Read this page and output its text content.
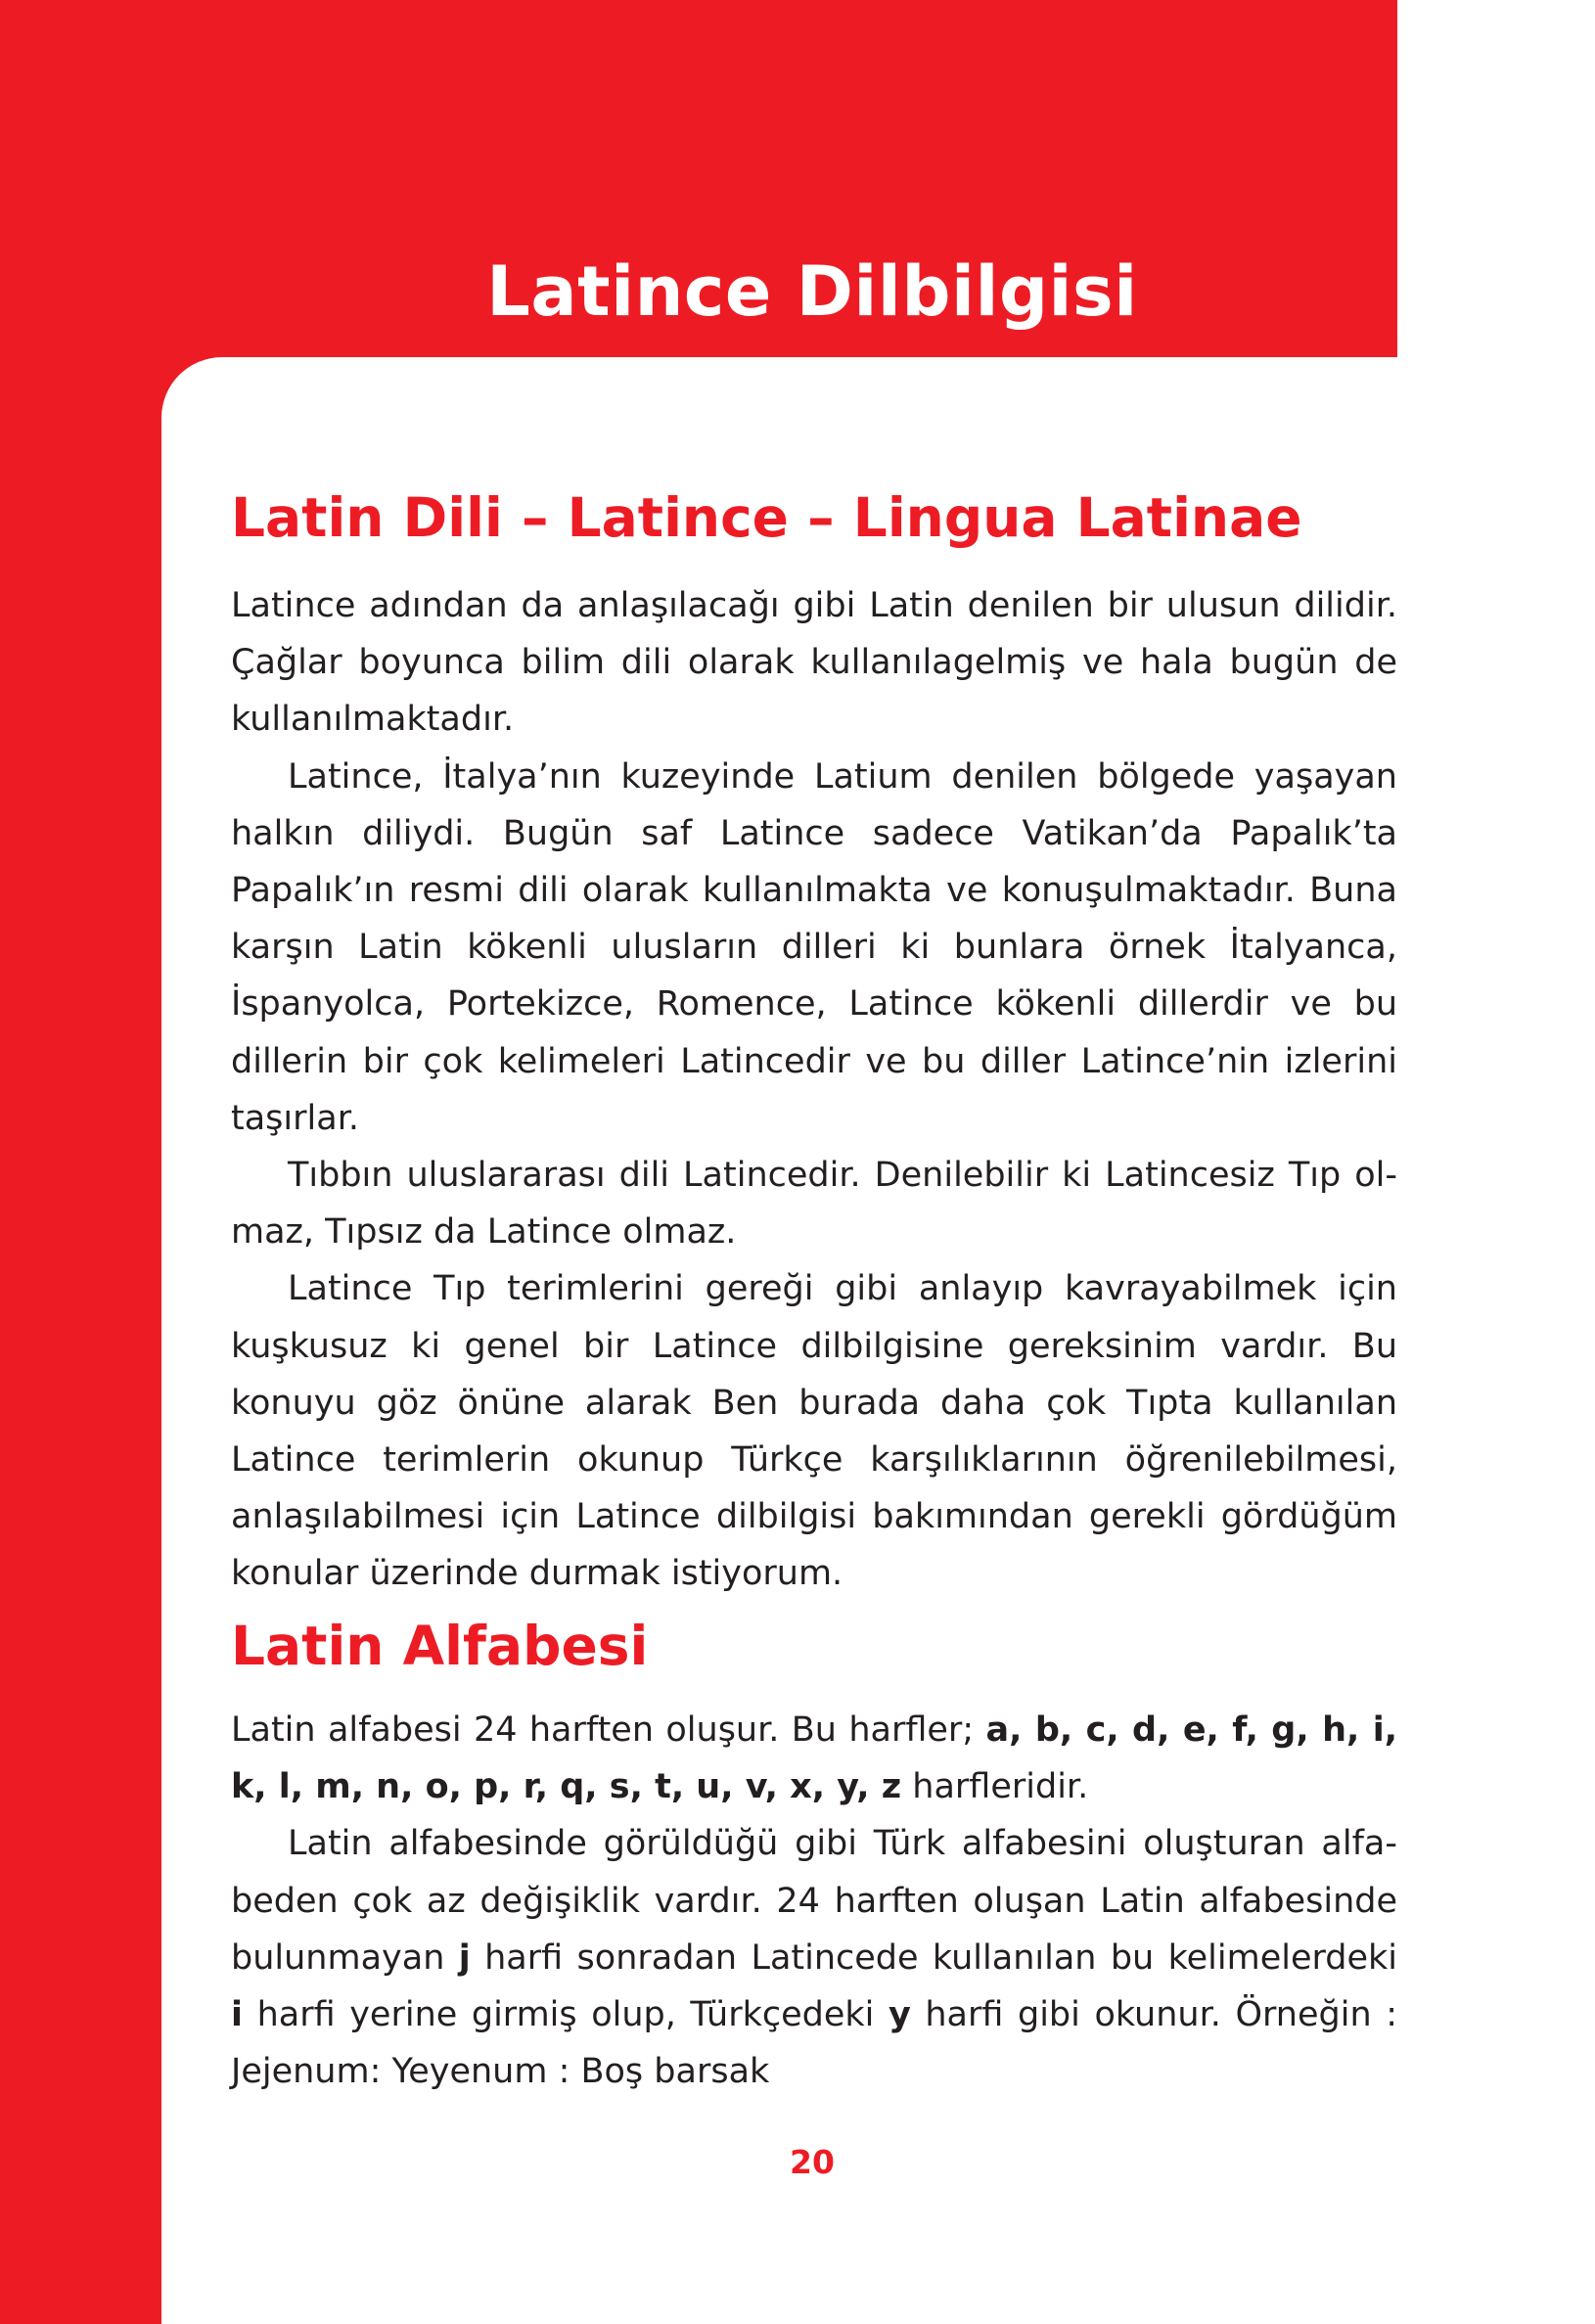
Latince Dilbilgisi
Latin Dili – Latince – Lingua Latinae

Latince adından da anlaşılacağı gibi Latin denilen bir ulusun dilidir. Çağlar boyunca bilim dili olarak kullanılagelmiş ve hala bugün de kullanılmaktadır.

Latince, İtalya’nın kuzeyinde Latium denilen bölgede yaşayan halkın diliydi. Bugün saf Latince sadece Vatikan’da Papalık’ta Papalık’ın resmi dili olarak kullanılmakta ve konuşulmaktadır. Buna karşın Latin kökenli ulusların dilleri ki bunlara örnek İtalyanca, İspanyolca, Portekizce, Romence, Latince kökenli dillerdir ve bu dillerin bir çok kelimeleri Latincedir ve bu diller Latince’nin izlerini taşırlar.

Tıbbın uluslararası dili Latincedir. Denilebilir ki Latincesiz Tıp olmaz, Tıpsız da Latince olmaz.

Latince Tıp terimlerini gereği gibi anlayıp kavrayabilmek için kuşkusuz ki genel bir Latince dilbilgisine gereksinim vardır. Bu konuyu göz önüne alarak Ben burada daha çok Tıpta kullanılan Latince terimlerin okunup Türkçe karşılıklarının öğrenilebilmesi, anlaşılabilmesi için Latince dilbilgisi bakımından gerekli gördüğüm konular üzerinde durmak istiyorum.

Latin Alfabesi

Latin alfabesi 24 harften oluşur. Bu harfler; a, b, c, d, e, f, g, h, i, k, l, m, n, o, p, r, q, s, t, u, v, x, y, z harfleridir.

Latin alfabesinde görüldüğü gibi Türk alfabesini oluşturan alfabeden çok az değişiklik vardır. 24 harften oluşan Latin alfabesinde bulunmayan j harfi sonradan Latincede kullanılan bu kelimelerdeki i harfi yerine girmiş olup, Türkçedeki y harfi gibi okunur. Örneğin : Jejenum: Yeyenum : Boş barsak

20
